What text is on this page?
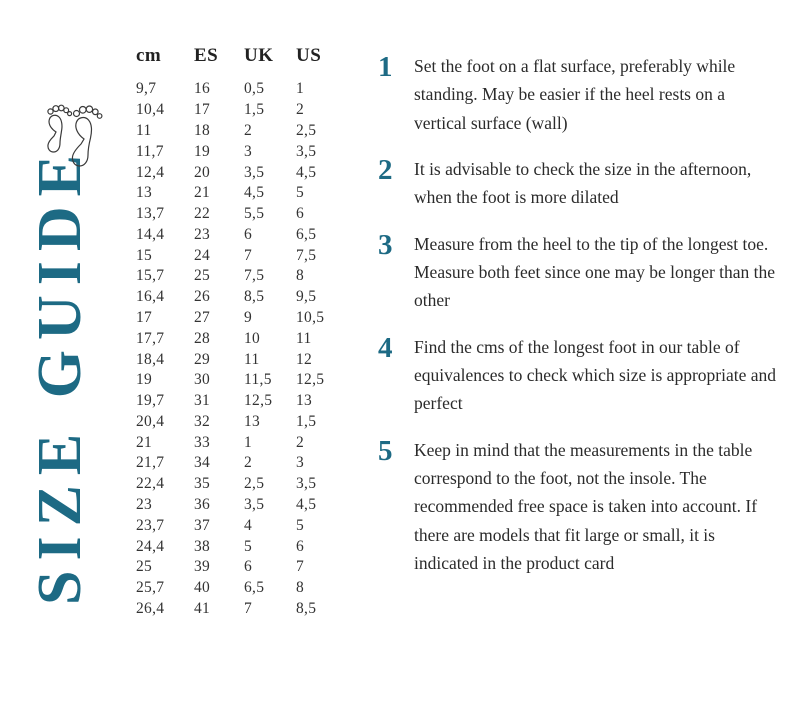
SIZE GUIDE
cm	ES	UK	US
9,7	16	0,5	1
10,4	17	1,5	2
11	18	2	2,5
11,7	19	3	3,5
12,4	20	3,5	4,5
13	21	4,5	5
13,7	22	5,5	6
14,4	23	6	6,5
15	24	7	7,5
15,7	25	7,5	8
16,4	26	8,5	9,5
17	27	9	10,5
17,7	28	10	11
18,4	29	11	12
19	30	11,5	12,5
19,7	31	12,5	13
20,4	32	13	1,5
21	33	1	2
21,7	34	2	3
22,4	35	2,5	3,5
23	36	3,5	4,5
23,7	37	4	5
24,4	38	5	6
25	39	6	7
25,7	40	6,5	8
26,4	41	7	8,5
1	Set the foot on a flat surface, preferably while standing. May be easier if the heel rests on a vertical surface (wall)
2	It is advisable to check the size in the afternoon, when the foot is more dilated
3	Measure from the heel to the tip of the longest toe. Measure both feet since one may be longer than the other
4	Find the cms of the longest foot in our table of equivalences to check which size is appropriate and perfect
5	Keep in mind that the measurements in the table correspond to the foot, not the insole. The recommended free space is taken into account. If there are models that fit large or small, it is indicated in the product card
